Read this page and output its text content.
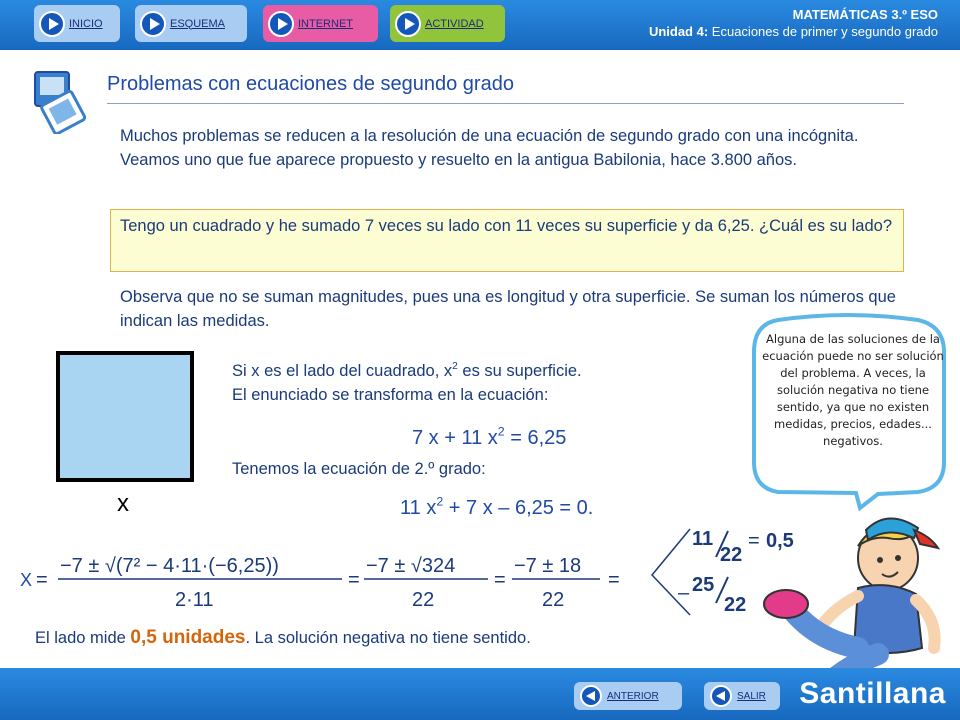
INICIO	ESQUEMA	INTERNET	ACTIVIDAD
MATEMÁTICAS 3.º ESO
Unidad 4: Ecuaciones de primer y segundo grado
Problemas con ecuaciones de segundo grado
Muchos problemas se reducen a la resolución de una ecuación de segundo grado con una incógnita. Veamos uno que fue aparece propuesto y resuelto en la antigua Babilonia, hace 3.800 años.
Tengo un cuadrado y he sumado 7 veces su lado con 11 veces su superficie y da 6,25. ¿Cuál es su lado?
Observa que no se suman magnitudes, pues una es longitud y otra superficie. Se suman los números que indican las medidas.
x
Si x es el lado del cuadrado, $x^2$ es su superficie.
El enunciado se transforma en la ecuación:
7 x + 11 $x^2 = 6,25$
Tenemos la ecuación de 2.º grado:
11 $x^2 + 7$ x – 6,25 = 0.
Alguna de las soluciones de la ecuación puede no ser solución del problema. A veces, la solución negativa no tiene sentido, ya que no existen medidas, precios, edades... negativos.
X =
−7 ± √(7² − 4·11·(−6,25))
2·11
=
−7 ± √324
22
=
−7 ± 18
22
=
11
22
= 0,5
– 25
22
El lado mide 0,5 unidades. La solución negativa no tiene sentido.
ANTERIOR	SALIR Santillana
